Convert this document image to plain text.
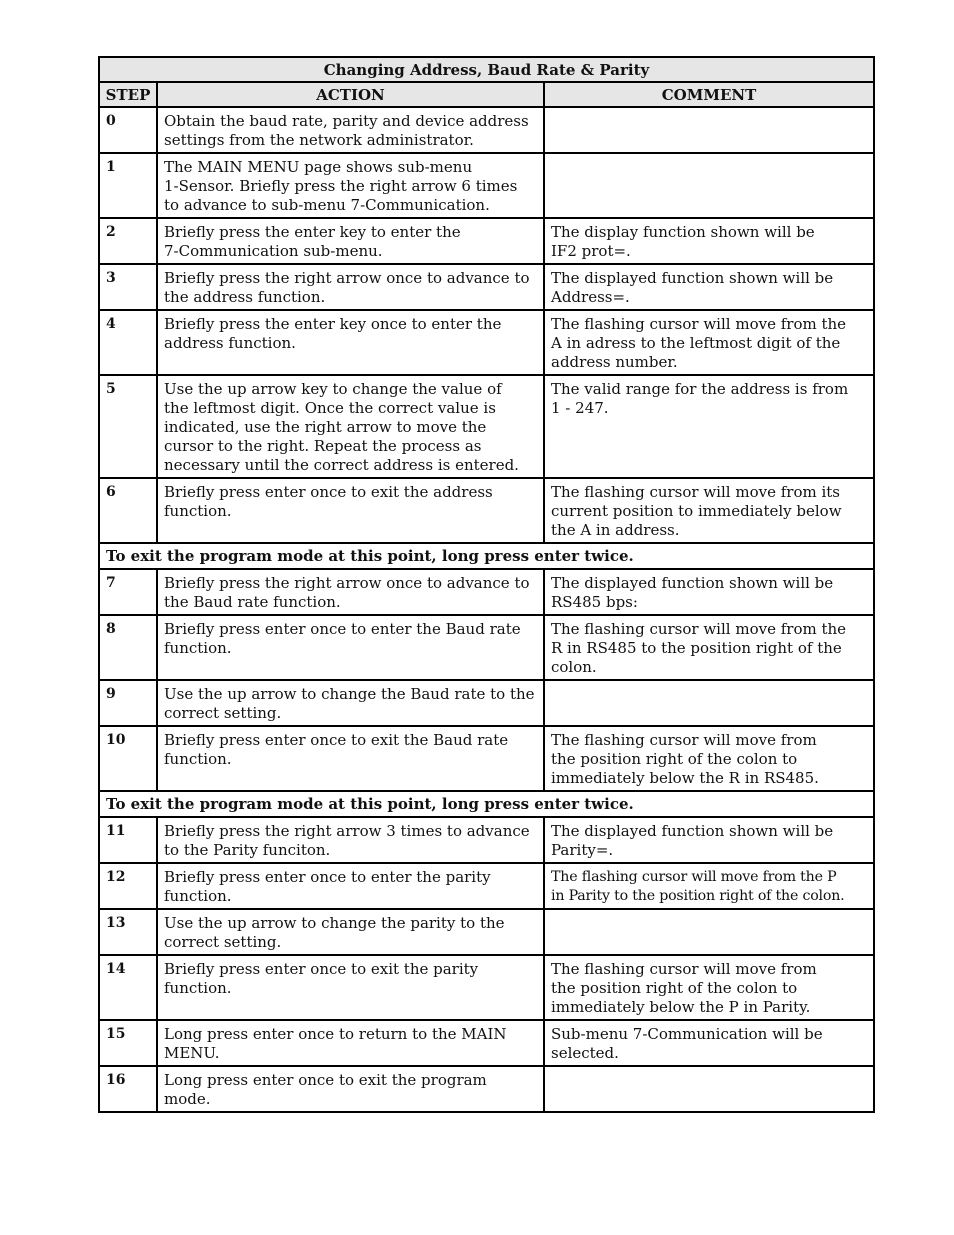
Changing Address, Baud Rate & Parity		
STEP	ACTION	COMMENT
0	Obtain the baud rate, parity and device address
settings from the network administrator.	
1	The MAIN MENU page shows sub-menu
1-Sensor. Briefly press the right arrow 6 times
to advance to sub-menu 7-Communication.	
2	Briefly press the enter key to enter the
7-Communication sub-menu.	The display function shown will be
IF2 prot=.
3	Briefly press the right arrow once to advance to
the address function.	The displayed function shown will be
Address=.
4	Briefly press the enter key once to enter the
address function.	The flashing cursor will move from the
A in adress to the leftmost digit of the
address number.
5	Use the up arrow key to change the value of
the leftmost digit. Once the correct value is
indicated, use the right arrow to move the
cursor to the right. Repeat the process as
necessary until the correct address is entered.	The valid range for the address is from
1 - 247.
6	Briefly press enter once to exit the address
function.	The flashing cursor will move from its
current position to immediately below
the A in address.
To exit the program mode at this point, long press enter twice.		
7	Briefly press the right arrow once to advance to
the Baud rate function.	The displayed function shown will be
RS485 bps:
8	Briefly press enter once to enter the Baud rate
function.	The flashing cursor will move from the
R in RS485 to the position right of the
colon.
9	Use the up arrow to change the Baud rate to the
correct setting.	
10	Briefly press enter once to exit the Baud rate
function.	The flashing cursor will move from
the position right of the colon to
immediately below the R in RS485.
To exit the program mode at this point, long press enter twice.		
11	Briefly press the right arrow 3 times to advance
to the Parity funciton.	The displayed function shown will be
Parity=.
12	Briefly press enter once to enter the parity
function.	The flashing cursor will move from the P
in Parity to the position right of the colon.
13	Use the up arrow to change the parity to the
correct setting.	
14	Briefly press enter once to exit the parity
function.	The flashing cursor will move from
the position right of the colon to
immediately below the P in Parity.
15	Long press enter once to return to the MAIN
MENU.	Sub-menu 7-Communication will be
selected.
16	Long press enter once to exit the program mode.	
